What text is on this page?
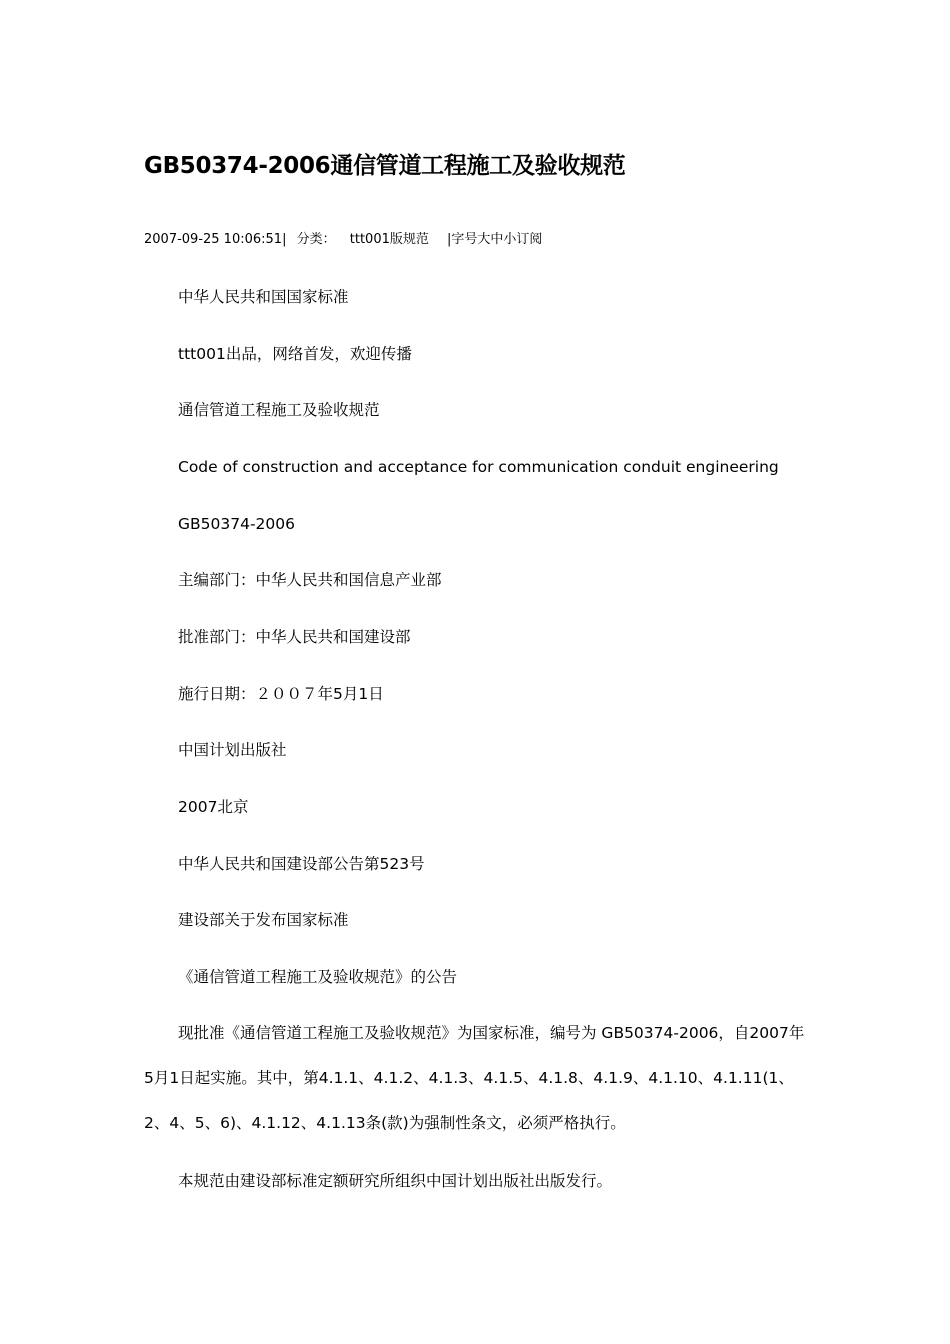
GB50374-2006通信管道工程施工及验收规范
2007-09-25 10:06:51| 分类： ttt001版规范 |字号大中小订阅
中华人民共和国国家标准
ttt001出品，网络首发，欢迎传播
通信管道工程施工及验收规范
Code of construction and acceptance for communication conduit engineering
GB50374-2006
主编部门：中华人民共和国信息产业部
批准部门：中华人民共和国建设部
施行日期：２００７年5月1日
中国计划出版社
2007北京
中华人民共和国建设部公告第523号
建设部关于发布国家标准
《通信管道工程施工及验收规范》的公告

现批准《通信管道工程施工及验收规范》为国家标准，编号为 GB50374-2006，自2007年5月1日起实施。其中，第4.1.1、4.1.2、4.1.3、4.1.5、4.1.8、4.1.9、4.1.10、4.1.11(1、2、4、5、6)、4.1.12、4.1.13条(款)为强制性条文，必须严格执行。

本规范由建设部标准定额研究所组织中国计划出版社出版发行。
